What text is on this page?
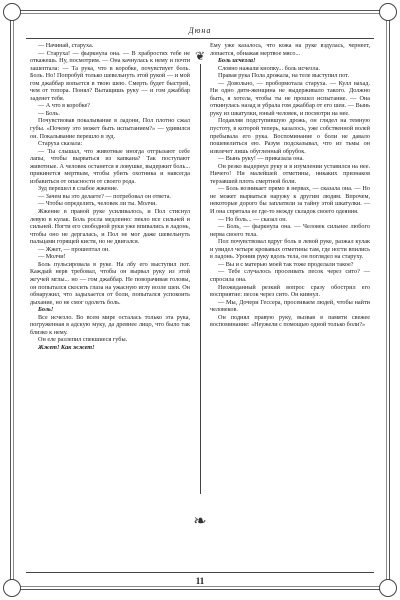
Дюна

— Начинай, старуха.

— Старуха! — фыркнула она. — В храбростях тебе не откажешь. Ну, посмотрим. — Она качнулась к нему и почти зашептала: — Та рука, что в коробке, почувствует боль. Боль. Но! Попробуй только шевельнуть этой рукой — и мой гом джаббар вопьется в твою шею. Смерть будет быстрей, чем от топора. Понял? Вытащишь руку — и гом джаббар заденет тебя.

— А что в коробке?

— Боль.

Почувствовав покалывание в ладони, Пол плотно сжал губы. «Почему это может быть испытанием?» — удивился он. Покалывание перешло в зуд.

Старуха сказала:

— Ты слышал, что животные иногда отгрызают себе лапы, чтобы вырваться из капкана? Так поступают животные. А человек останется в ловушке, выдержит боль... прикинется мертвым, чтобы убить охотника и навсегда избавиться от опасности от своего рода.

Зуд перешел в слабое жжение.

— Зачем вы это делаете? — потребовал он ответа.

— Чтобы определить, человек ли ты. Молчи.

Жжение в правой руке усиливалось, и Пол стиснул левую в кулак. Боль росла медленно: пекло все сильней и сильней. Ногти его свободной руки уже впивались в ладонь, чтобы оно не дергалась, и Пол не мог даже шевельнуть пальцами горящей кисти, но не двигался.

— Жжет, — прошептал он.

— Молчи!

Боль пульсировала в руке. На лбу его выступил пот. Каждый нерв требовал, чтобы он вырвал руку из этой жгучей мглы... но — гом джаббар. Не поворачивая головы, он попытался скосить глаза на ужасную иглу возле шеи. Он обнаружил, что задыхается от боли, попытался успокоить дыхание, но не смог одолеть боль.

Боль!

Все исчезло. Во всем мире осталась только эта рука, погруженная в адскую муку, да древнее лицо, что было так близко к нему.

Он еле разлепил спекшиеся губы.

Жжет! Как жжет!

❦
❧

Ему уже казалось, что кожа на руке вздулась, чернеет, лопается, обнажая мертвое мясо...

Боль исчезла!

Словно нажали кнопку... боль исчезла.

Правая рука Пола дрожала, на теле выступил пот.

— Довольно, — пробормотала старуха. — Кулл вахад. Ни одно дитя-женщина не выдерживало такого. Должно быть, я хотела, чтобы ты не прошел испытание. — Она откинулась назад и убрала гом джаббар от его шеи. — Вынь руку из шкатулки, юный человек, и посмотри на нее.

Подавляя подступившую дрожь, он глядел на темную пустоту, в которой теперь, казалось, уже собственной волей пребывала его рука. Воспоминание о боли не давало пошевелиться ею. Разум подсказывал, что из тьмы он извлечет лишь обугленный обрубок.

— Вынь руку! — приказала она.

Он резко выдернул руку и в изумлении уставился на нее. Ничего! Ни малейшей отметины, никаких признаков терзавшей плоть смертной боли.

— Боль возникает прямо в нервах, — сказала она. — Но не может вырваться наружу к другим людям. Впрочем, некоторые дорого бы заплатили за тайну этой шкатулки. — И она спрятала ее где-то между складок своего одеяния.

— Но боль... — сказал он.

— Боль, — фыркнула она. — Человек сильнее любого нерва своего тела.

Пол почувствовал вдруг боль в левой руке, разжал кулак и увидел четыре кровавых отметины там, где ногти впились в ладонь. Уронив руку вдоль тела, он поглядел на старуху.

— Вы и с матерью моей так тоже проделали такое?

— Тебе случалось просеивать песок через сито? — спросила она.

Неожиданный резкий вопрос сразу обострил его восприятие: песок через сито. Он кивнул.

— Мы, Дочери Гессера, просеиваем людей, чтобы найти человеков.

Он поднял правую руку, вызвав в памяти свежее воспоминание: «Неужели с помощью одной только боли?»

11
